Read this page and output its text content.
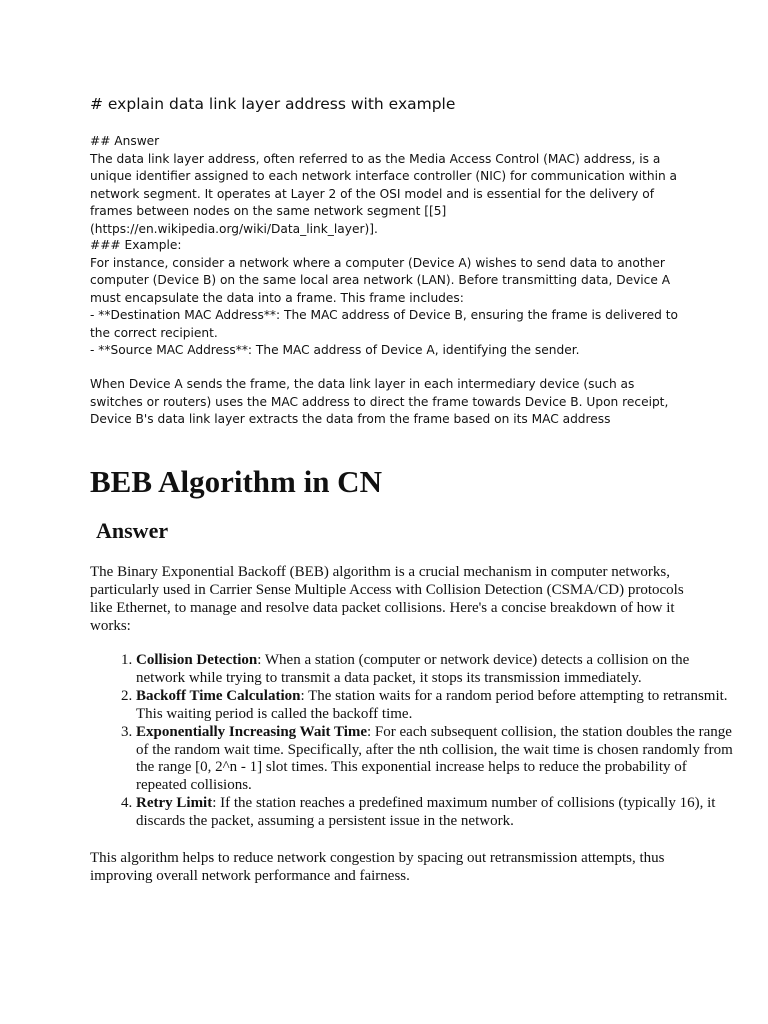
# explain data link layer address with example

## Answer

The data link layer address, often referred to as the Media Access Control (MAC) address, is a unique identifier assigned to each network interface controller (NIC) for communication within a network segment. It operates at Layer 2 of the OSI model and is essential for the delivery of frames between nodes on the same network segment [[5](https://en.wikipedia.org/wiki/Data_link_layer)].

### Example:

For instance, consider a network where a computer (Device A) wishes to send data to another computer (Device B) on the same local area network (LAN). Before transmitting data, Device A must encapsulate the data into a frame. This frame includes:

- **Destination MAC Address**: The MAC address of Device B, ensuring the frame is delivered to the correct recipient.

- **Source MAC Address**: The MAC address of Device A, identifying the sender.

When Device A sends the frame, the data link layer in each intermediary device (such as switches or routers) uses the MAC address to direct the frame towards Device B. Upon receipt, Device B's data link layer extracts the data from the frame based on its MAC address

BEB Algorithm in CN
Answer

The Binary Exponential Backoff (BEB) algorithm is a crucial mechanism in computer networks, particularly used in Carrier Sense Multiple Access with Collision Detection (CSMA/CD) protocols like Ethernet, to manage and resolve data packet collisions. Here's a concise breakdown of how it works:

1. Collision Detection: When a station (computer or network device) detects a collision on the network while trying to transmit a data packet, it stops its transmission immediately.
2. Backoff Time Calculation: The station waits for a random period before attempting to retransmit. This waiting period is called the backoff time.
3. Exponentially Increasing Wait Time: For each subsequent collision, the station doubles the range of the random wait time. Specifically, after the nth collision, the wait time is chosen randomly from the range [0, 2^n - 1] slot times. This exponential increase helps to reduce the probability of repeated collisions.
4. Retry Limit: If the station reaches a predefined maximum number of collisions (typically 16), it discards the packet, assuming a persistent issue in the network.

This algorithm helps to reduce network congestion by spacing out retransmission attempts, thus improving overall network performance and fairness.
